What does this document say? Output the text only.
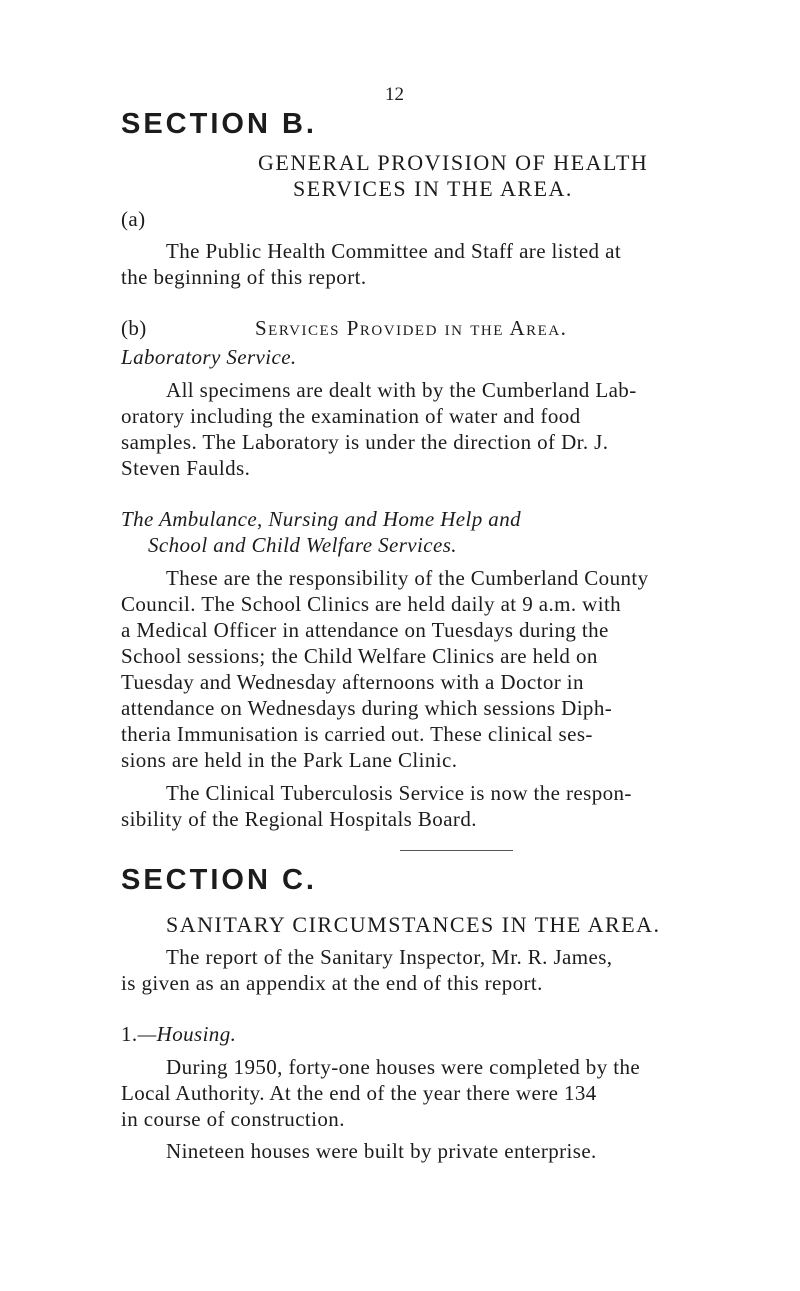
12
SECTION B.
GENERAL PROVISION OF HEALTH
SERVICES IN THE AREA.
(a)
The Public Health Committee and Staff are listed at
the beginning of this report.
(b)	Services Provided in the Area.
Laboratory Service.
All specimens are dealt with by the Cumberland Lab-
oratory including the examination of water and food
samples. The Laboratory is under the direction of Dr. J.
Steven Faulds.
The Ambulance, Nursing and Home Help and
School and Child Welfare Services.
These are the responsibility of the Cumberland County
Council. The School Clinics are held daily at 9 a.m. with
a Medical Officer in attendance on Tuesdays during the
School sessions; the Child Welfare Clinics are held on
Tuesday and Wednesday afternoons with a Doctor in
attendance on Wednesdays during which sessions Diph-
theria Immunisation is carried out. These clinical ses-
sions are held in the Park Lane Clinic.
The Clinical Tuberculosis Service is now the respon-
sibility of the Regional Hospitals Board.
SECTION C.
SANITARY CIRCUMSTANCES IN THE AREA.
The report of the Sanitary Inspector, Mr. R. James,
is given as an appendix at the end of this report.
1.—Housing.
During 1950, forty-one houses were completed by the
Local Authority. At the end of the year there were 134
in course of construction.
Nineteen houses were built by private enterprise.
